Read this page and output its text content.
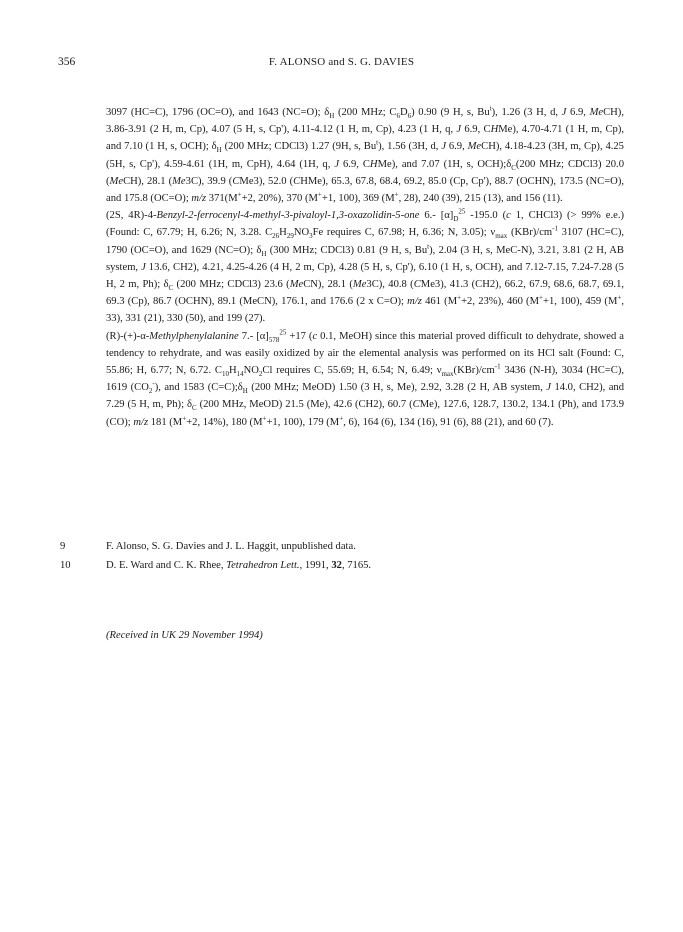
356	F. ALONSO and S. G. DAVIES

3097 (HC=C), 1796 (OC=O), and 1643 (NC=O); $\delta_H$ (200 MHz; $C_6D_6$) 0.90 (9 H, s, Bu$^t$), 1.26 (3 H, d, J 6.9, MeCH), 3.86-3.91 (2 H, m, Cp), 4.07 (5 H, s, Cp'), 4.11-4.12 (1 H, m, Cp), 4.23 (1 H, q, J 6.9, CHMe), 4.70-4.71 (1 H, m, Cp), and 7.10 (1 H, s, OCH); $\delta_H$ (200 MHz; CDCl3) 1.27 (9H, s, Bu$^t$), 1.56 (3H, d, J 6.9, MeCH), 4.18-4.23 (3H, m, Cp), 4.25 (5H, s, Cp'), 4.59-4.61 (1H, m, CpH), 4.64 (1H, q, J 6.9, CHMe), and 7.07 (1H, s, $OCH);\delta_C(200$ MHz; CDCl3) 20.0 (MeCH), 28.1 (Me3C), 39.9 (CMe3), 52.0 (CHMe), 65.3, 67.8, 68.4, 69.2, 85.0 (Cp, Cp'), 88.7 (OCHN), 173.5 (NC=O), and 175.8 (OC=O); m/z 371(M++2, 20%), 370 (M++1, 100), 369 (M+, 28), 240 (39), 215 (13), and 156 (11).

(2S, 4R)-4-Benzyl-2-ferrocenyl-4-methyl-3-pivaloyl-1,3-oxazolidin-5-one 6.- $[\alpha]_D^{25}$ -195.0 (c 1, CHCl3) (> 99% e.e.) (Found: C, 67.79; H, 6.26; N, 3.28. $C_{26}H_{29}NO_3Fe$ requires C, 67.98; H, 6.36; N, 3.05); $\nu_{max}$ $(KBr)/cm^{-1}$ 3107 (HC=C), 1790 (OC=O), and 1629 (NC=O); $\delta_H$ (300 MHz; CDCl3) 0.81 (9 H, s, Bu$^t$), 2.04 (3 H, s, MeC-N), 3.21, 3.81 (2 H, AB system, J 13.6, CH2), 4.21, 4.25-4.26 (4 H, 2 m, Cp), 4.28 (5 H, s, Cp'), 6.10 (1 H, s, OCH), and 7.12-7.15, 7.24-7.28 (5 H, 2 m, Ph); $\delta_C$ (200 MHz; CDCl3) 23.6 (MeCN), 28.1 (Me3C), 40.8 (CMe3), 41.3 (CH2), 66.2, 67.9, 68.6, 68.7, 69.1, 69.3 (Cp), 86.7 (OCHN), 89.1 (MeCN), 176.1, and 176.6 (2 x C=O); m/z 461 (M++2, 23%), 460 (M++1, 100), 459 (M+, 33), 331 (21), 330 (50), and 199 (27).

(R)-(+)-α-Methylphenylalanine 7.- $[\alpha]_{578}^{25} +17$ (c 0.1, MeOH) since this material proved difficult to dehydrate, showed a tendency to rehydrate, and was easily oxidized by air the elemental analysis was performed on its HCl salt (Found: C, 55.86; H, 6.77; N, 6.72. $C_{10}H_{14}NO_2Cl$ requires C, 55.69; H, 6.54; N, 6.49; $\nu_{max}(KBr)/cm^{-1}$ 3436 (N-H), 3034 (HC=C), 1619 $(CO_2^-)$, and 1583 $(C=C);\delta_H$ (200 MHz; MeOD) 1.50 (3 H, s, Me), 2.92, 3.28 (2 H, AB system, J 14.0, CH2), and 7.29 (5 H, m, Ph); $\delta_C$ (200 MHz, MeOD) 21.5 (Me), 42.6 (CH2), 60.7 (CMe), 127.6, 128.7, 130.2, 134.1 (Ph), and 173.9 (CO); m/z 181 (M++2, 14%), 180 (M++1, 100), 179 (M+, 6), 164 (6), 134 (16), 91 (6), 88 (21), and 60 (7).

9	F. Alonso, S. G. Davies and J. L. Haggit, unpublished data.
10	D. E. Ward and C. K. Rhee, Tetrahedron Lett., 1991, 32, 7165.
(Received in UK 29 November 1994)
